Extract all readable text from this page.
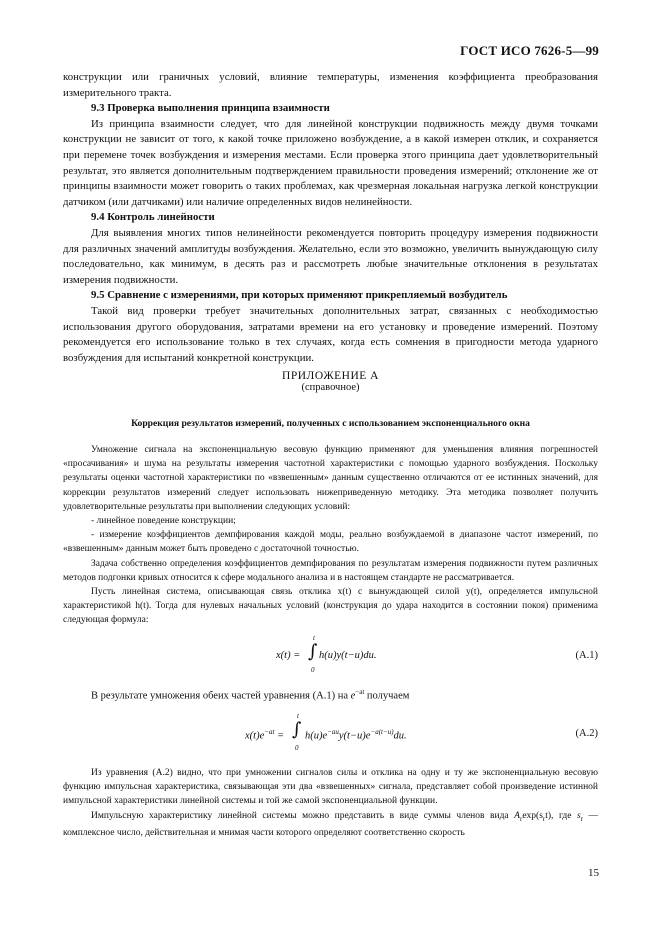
ГОСТ ИСО 7626-5—99

конструкции или граничных условий, влияние температуры, изменения коэффициента преобразования измерительного тракта.

9.3 Проверка выполнения принципа взаимности

Из принципа взаимности следует, что для линейной конструкции подвижность между двумя точками конструкции не зависит от того, к какой точке приложено возбуждение, а в какой измерен отклик, и сохраняется при перемене точек возбуждения и измерения местами. Если проверка этого принципа дает удовлетворительный результат, это является дополнительным подтверждением правильности проведения измерений; отклонение же от принципы взаимности может говорить о таких проблемах, как чрезмерная локальная нагрузка легкой конструкции датчиком (или датчиками) или наличие определенных видов нелинейности.

9.4 Контроль линейности

Для выявления многих типов нелинейности рекомендуется повторить процедуру измерения подвижности для различных значений амплитуды возбуждения. Желательно, если это возможно, увеличить вынуждающую силу последовательно, как минимум, в десять раз и рассмотреть любые значительные отклонения в результатах измерения подвижности.

9.5 Сравнение с измерениями, при которых применяют прикрепляемый возбудитель

Такой вид проверки требует значительных дополнительных затрат, связанных с необходимостью использования другого оборудования, затратами времени на его установку и проведение измерений. Поэтому рекомендуется его использование только в тех случаях, когда есть сомнения в пригодности метода ударного возбуждения для испытаний конкретной конструкции.

ПРИЛОЖЕНИЕ А
(справочное)
Коррекция результатов измерений, полученных с использованием экспоненциального окна

Умножение сигнала на экспоненциальную весовую функцию применяют для уменьшения влияния погрешностей «просачивания» и шума на результаты измерения частотной характеристики с помощью ударного возбуждения. Поскольку результаты оценки частотной характеристики по «взвешенным» данным существенно отличаются от ее истинных значений, для коррекции результатов измерений следует использовать нижеприведенную методику. Эта методика позволяет получить удовлетворительные результаты при выполнении следующих условий:

- линейное поведение конструкции;

- измерение коэффициентов демпфирования каждой моды, реально возбуждаемой в диапазоне частот измерений, по «взвешенным» данным может быть проведено с достаточной точностью.

Задача собственно определения коэффициентов демпфирования по результатам измерения подвижности путем различных методов подгонки кривых относится к сфере модального анализа и в настоящем стандарте не рассматривается.

Пусть линейная система, описывающая связь отклика x(t) с вынуждающей силой y(t), определяется импульсной характеристикой h(t). Тогда для нулевых начальных условий (конструкция до удара находится в состоянии покоя) применима следующая формула:

x(t) =
t
∫
0
h(u)y(t−u)du.	(А.1)

В результате умножения обеих частей уравнения (А.1) на $e^{-at}$ получаем

$x(t)e^{-at}$ =
t
∫
0
$h(u)e^{-au}y(t-u)e^{-a(t-u)}du$.	(А.2)

Из уравнения (А.2) видно, что при умножении сигналов силы и отклика на одну и ту же экспоненциальную весовую функцию импульсная характеристика, связывающая эти два «взвешенных» сигнала, представляет собой произведение истинной импульсной характеристики линейной системы и той же самой экспоненциальной функции.

Импульсную характеристику линейной системы можно представить в виде суммы членов вида $A_r\exp(s_rt)$, где $s_r$ — комплексное число, действительная и мнимая части которого определяют соответственно скорость

15
